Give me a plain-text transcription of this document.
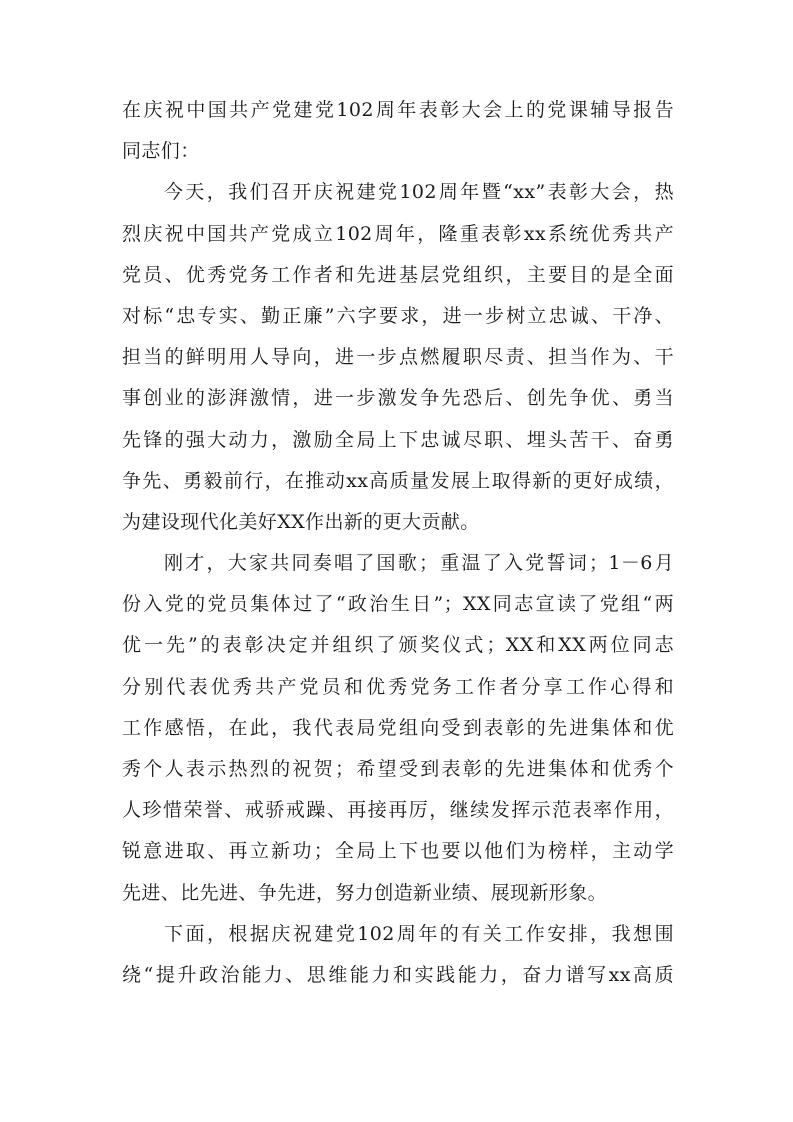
在庆祝中国共产党建党102周年表彰大会上的党课辅导报告
同志们：
今天，我们召开庆祝建党102周年暨“xx”表彰大会，热
烈庆祝中国共产党成立102周年，隆重表彰xx系统优秀共产
党员、优秀党务工作者和先进基层党组织，主要目的是全面
对标“忠专实、勤正廉”六字要求，进一步树立忠诚、干净、
担当的鲜明用人导向，进一步点燃履职尽责、担当作为、干
事创业的澎湃激情，进一步激发争先恐后、创先争优、勇当
先锋的强大动力，激励全局上下忠诚尽职、埋头苦干、奋勇
争先、勇毅前行，在推动xx高质量发展上取得新的更好成绩，
为建设现代化美好XX作出新的更大贡献。
刚才，大家共同奏唱了国歌；重温了入党誓词；1－6月
份入党的党员集体过了“政治生日”；XX同志宣读了党组“两
优一先”的表彰决定并组织了颁奖仪式；XX和XX两位同志
分别代表优秀共产党员和优秀党务工作者分享工作心得和
工作感悟，在此，我代表局党组向受到表彰的先进集体和优
秀个人表示热烈的祝贺；希望受到表彰的先进集体和优秀个
人珍惜荣誉、戒骄戒躁、再接再厉，继续发挥示范表率作用，
锐意进取、再立新功；全局上下也要以他们为榜样，主动学
先进、比先进、争先进，努力创造新业绩、展现新形象。
下面，根据庆祝建党102周年的有关工作安排，我想围
绕“提升政治能力、思维能力和实践能力，奋力谱写xx高质
